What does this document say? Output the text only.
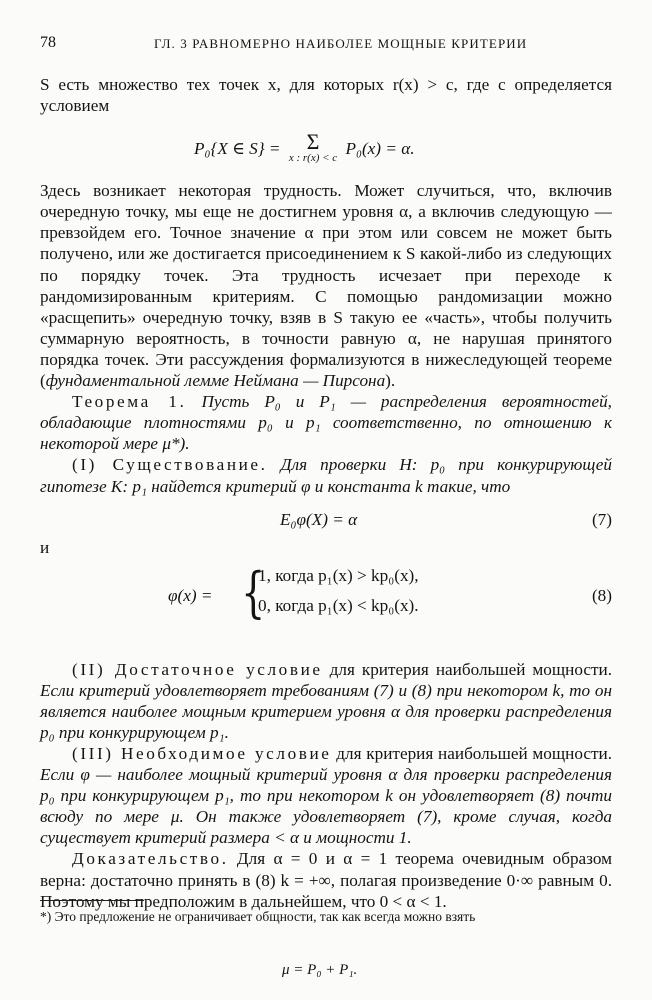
78	ГЛ. 3 РАВНОМЕРНО НАИБОЛЕЕ МОЩНЫЕ КРИТЕРИИ

S есть множество тех точек x, для которых r(x) > c, где c определяется условием

P₀{X ∈ S} =	Σ
x : r(x) < c
P₀(x) = α.

Здесь возникает некоторая трудность. Может случиться, что, включив очередную точку, мы еще не достигнем уровня α, а включив следующую — превзойдем его. Точное значение α при этом или совсем не может быть получено, или же достигается присоединением к S какой-либо из следующих по порядку точек. Эта трудность исчезает при переходе к рандомизированным критериям. С помощью рандомизации можно «расщепить» очередную точку, взяв в S такую ее «часть», чтобы получить суммарную вероятность, в точности равную α, не нарушая принятого порядка точек. Эти рассуждения формализуются в нижеследующей теореме (фундаментальной лемме Неймана — Пирсона).

Теорема 1. Пусть P₀ и P₁ — распределения вероятностей, обладающие плотностями p₀ и p₁ соответственно, по отношению к некоторой мере μ*).

(I) Существование. Для проверки H: p₀ при конкурирующей гипотезе K: p₁ найдется критерий φ и константа k такие, что

E₀φ(X) = α	(7)

и

φ(x) = {
1, когда p₁(x) > kp₀(x),
0, когда p₁(x) < kp₀(x).
(8)

(II) Достаточное условие для критерия наибольшей мощности. Если критерий удовлетворяет требованиям (7) и (8) при некотором k, то он является наиболее мощным критерием уровня α для проверки распределения p₀ при конкурирующем p₁.

(III) Необходимое условие для критерия наибольшей мощности. Если φ — наиболее мощный критерий уровня α для проверки распределения p₀ при конкурирующем p₁, то при некотором k он удовлетворяет (8) почти всюду по мере μ. Он также удовлетворяет (7), кроме случая, когда существует критерий размера < α и мощности 1.

Доказательство. Для α = 0 и α = 1 теорема очевидным образом верна: достаточно принять в (8) k = +∞, полагая произведение 0·∞ равным 0. Поэтому мы предположим в дальнейшем, что 0 < α < 1.

*) Это предложение не ограничивает общности, так как всегда можно взять
μ = P₀ + P₁.
